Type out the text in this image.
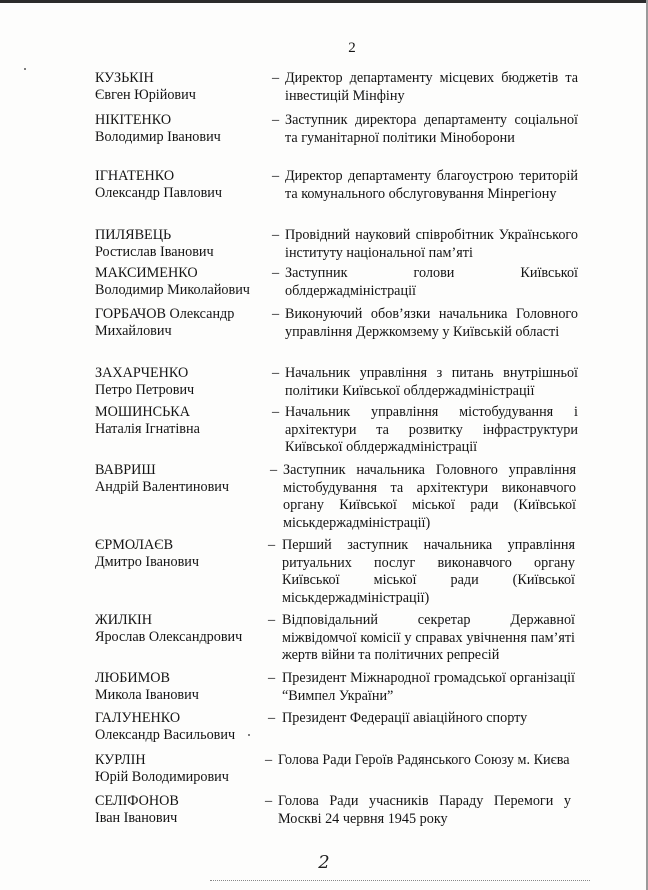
2
КУЗЬКІН
Євген Юрійович
– Директор департаменту місцевих бюджетів та інвестицій Мінфіну
НІКІТЕНКО
Володимир Іванович
– Заступник директора департаменту соціальної та гуманітарної політики Міноборони
ІГНАТЕНКО
Олександр Павлович
– Директор департаменту благоустрою територій та комунального обслуговування Мінрегіону
ПИЛЯВЕЦЬ
Ростислав Іванович
– Провідний науковий співробітник Українського інституту національної пам’яті
МАКСИМЕНКО
Володимир Миколайович
– Заступник голови Київської облдержадміністрації
ГОРБАЧОВ Олександр
Михайлович
– Виконуючий обов’язки начальника Головного управління Держкомзему у Київській області
ЗАХАРЧЕНКО
Петро Петрович
– Начальник управління з питань внутрішньої політики Київської облдержадміністрації
МОШИНСЬКА
Наталія Ігнатівна
– Начальник управління містобудування і архітектури та розвитку інфраструктури Київської облдержадміністрації
ВАВРИШ
Андрій Валентинович
– Заступник начальника Головного управління містобудування та архітектури виконавчого органу Київської міської ради (Київської міськдержадміністрації)
ЄРМОЛАЄВ
Дмитро Іванович
– Перший заступник начальника управління ритуальних послуг виконавчого органу Київської міської ради (Київської міськдержадміністрації)
ЖИЛКІН
Ярослав Олександрович
– Відповідальний секретар Державної міжвідомчої комісії у справах увічнення пам’яті жертв війни та політичних репресій
ЛЮБИМОВ
Микола Іванович
– Президент Міжнародної громадської організації “Вимпел України”
ГАЛУНЕНКО
Олександр Васильович
– Президент Федерації авіаційного спорту
КУРЛІН
Юрій Володимирович
– Голова Ради Героїв Радянського Союзу м. Києва
СЕЛІФОНОВ
Іван Іванович
– Голова Ради учасників Параду Перемоги у Москві 24 червня 1945 року
2
